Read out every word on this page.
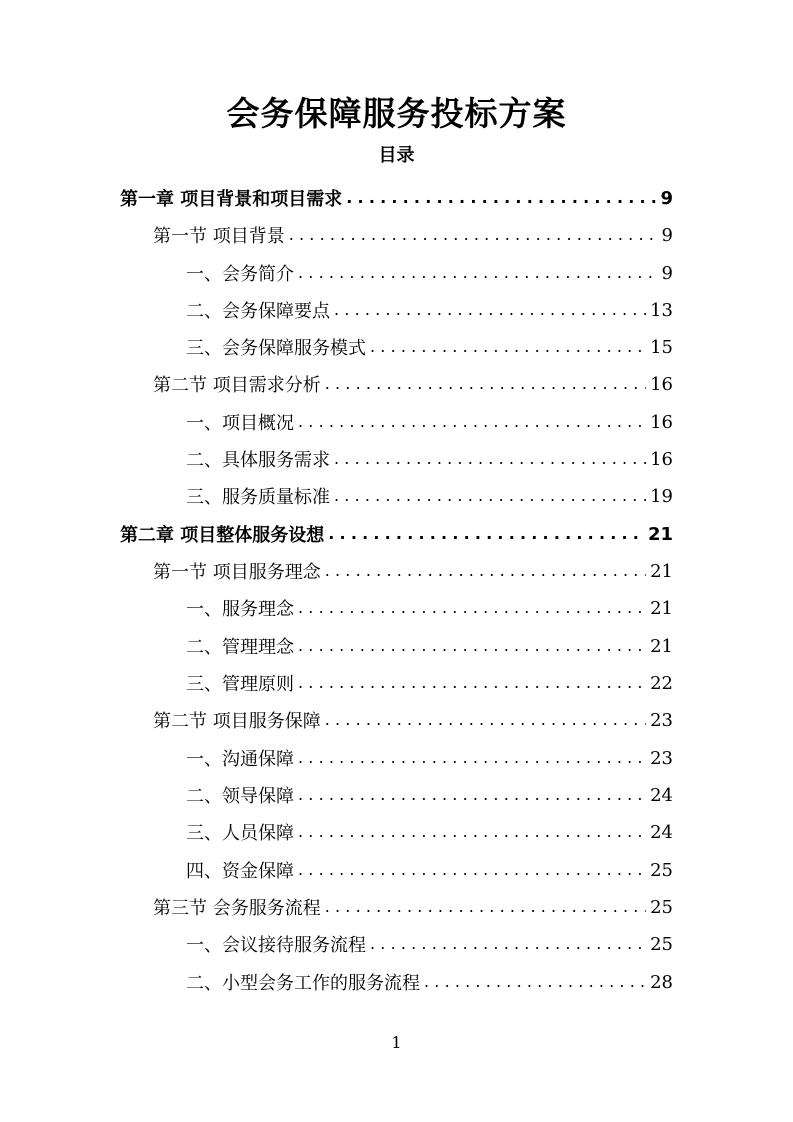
会务保障服务投标方案
目录
第一章 项目背景和项目需求 .....	9
第一节 项目背景 .....	9
一、会务简介 .....	9
二、会务保障要点 .....	13
三、会务保障服务模式 .....	15
第二节 项目需求分析 .....	16
一、项目概况 .....	16
二、具体服务需求 .....	16
三、服务质量标准 .....	19
第二章 项目整体服务设想 .....	21
第一节 项目服务理念 .....	21
一、服务理念 .....	21
二、管理理念 .....	21
三、管理原则 .....	22
第二节 项目服务保障 .....	23
一、沟通保障 .....	23
二、领导保障 .....	24
三、人员保障 .....	24
四、资金保障 .....	25
第三节 会务服务流程 .....	25
一、会议接待服务流程 .....	25
二、小型会务工作的服务流程 .....	28
1
